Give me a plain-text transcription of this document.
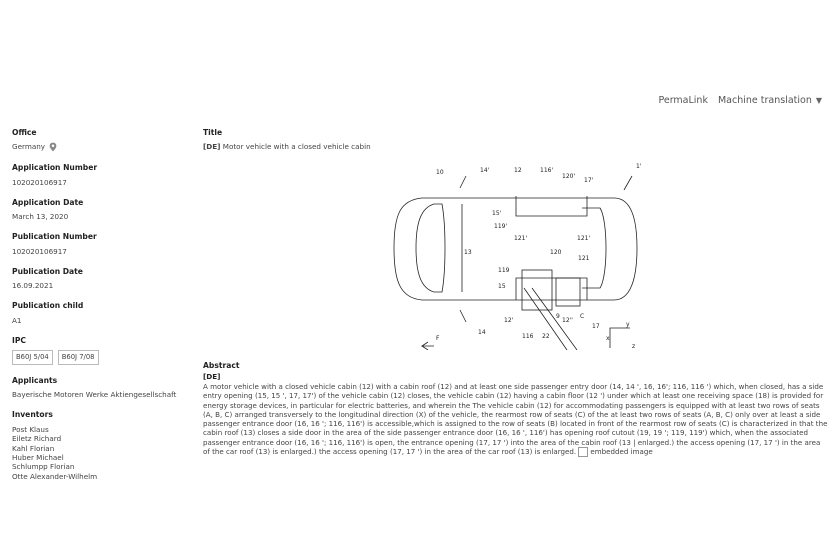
PermaLink Machine translation ▼
Office
Germany
Application Number
102020106917
Application Date
March 13, 2020
Publication Number
102020106917
Publication Date
16.09.2021
Publication child
A1
IPC
B60J 5/04	B60J 7/08
Applicants
Bayerische Motoren Werke Aktiengesellschaft
Inventors
Post Klaus
Eiletz Richard
Kahl Florian
Huber Michael
Schlumpp Florian
Otte Alexander-Wilhelm
Title
[DE] Motor vehicle with a closed vehicle cabin
10	14'	12	116'
120'
17'
1'
15'
119'
121'
13
121'
120
121
119
15
12'
14
116 22
9
12''
C
17
x
y
z
F
Abstract
[DE]
A motor vehicle with a closed vehicle cabin (12) with a cabin roof (12) and at least one side passenger entry door (14, 14 ', 16, 16'; 116, 116 ') which, when closed, has a side entry opening (15, 15 ', 17, 17') of the vehicle cabin (12) closes, the vehicle cabin (12) having a cabin floor (12 ') under which at least one receiving space (18) is provided for energy storage devices, in particular for electric batteries, and wherein the The vehicle cabin (12) for accommodating passengers is equipped with at least two rows of seats (A, B, C) arranged transversely to the longitudinal direction (X) of the vehicle, the rearmost row of seats (C) of the at least two rows of seats (A, B, C) only over at least a side passenger entrance door (16, 16 '; 116, 116') is accessible,which is assigned to the row of seats (B) located in front of the rearmost row of seats (C) is characterized in that the cabin roof (13) closes a side door in the area of the side passenger entrance door (16, 16 ', 116') has opening roof cutout (19, 19 '; 119, 119') which, when the associated passenger entrance door (16, 16 '; 116, 116') is open, the entrance opening (17, 17 ') into the area of the cabin roof (13 | enlarged.) the access opening (17, 17 ') in the area of the car roof (13) is enlarged.) the access opening (17, 17 ') in the area of the car roof (13) is enlarged. embedded image
